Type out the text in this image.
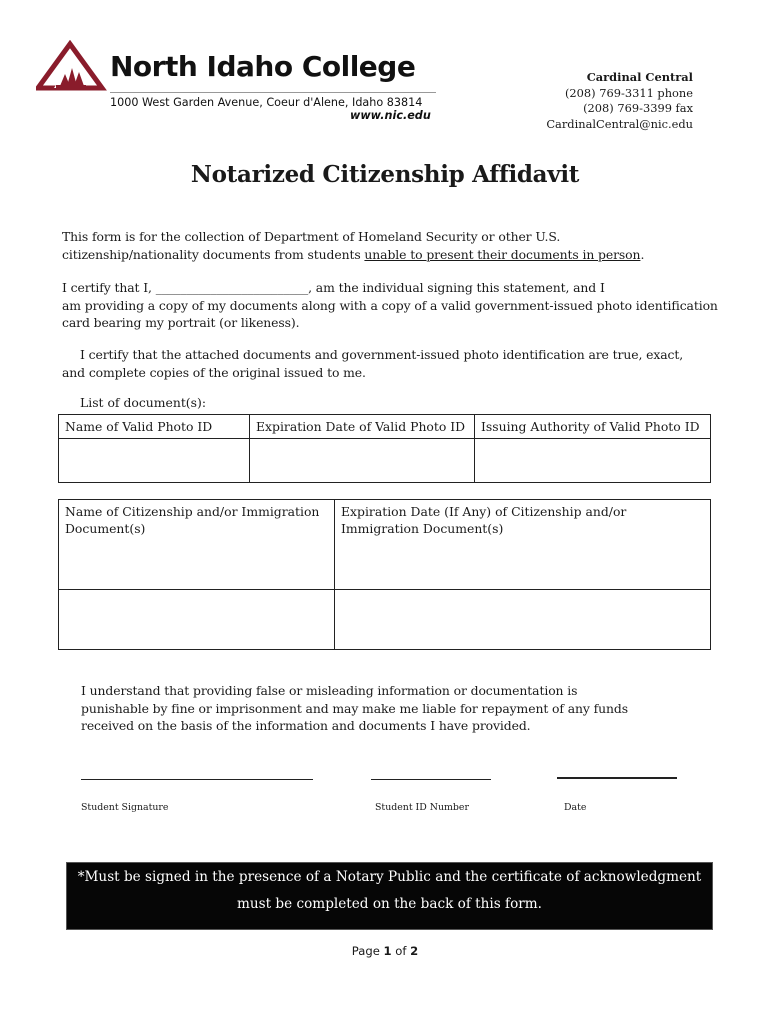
North Idaho College
1000 West Garden Avenue, Coeur d'Alene, Idaho 83814
www.nic.edu
Cardinal Central
(208) 769-3311 phone
(208) 769-3399 fax
CardinalCentral@nic.edu
Notarized Citizenship Affidavit
This form is for the collection of Department of Homeland Security or other U.S.
citizenship/nationality documents from students unable to present their documents in person.
I certify that I, _________________________, am the individual signing this statement, and I
am providing a copy of my documents along with a copy of a valid government-issued photo identification
card bearing my portrait (or likeness).
I certify that the attached documents and government-issued photo identification are true, exact,
and complete copies of the original issued to me.
List of document(s):
Name of Valid Photo ID	Expiration Date of Valid Photo ID	Issuing Authority of Valid Photo ID

Name of Citizenship and/or Immigration Document(s)	Expiration Date (If Any) of Citizenship and/or Immigration Document(s)

I understand that providing false or misleading information or documentation is
punishable by fine or imprisonment and may make me liable for repayment of any funds
received on the basis of the information and documents I have provided.
Student Signature	Student ID Number	Date
*Must be signed in the presence of a Notary Public and the certificate of acknowledgment
must be completed on the back of this form.
Page 1 of 2
